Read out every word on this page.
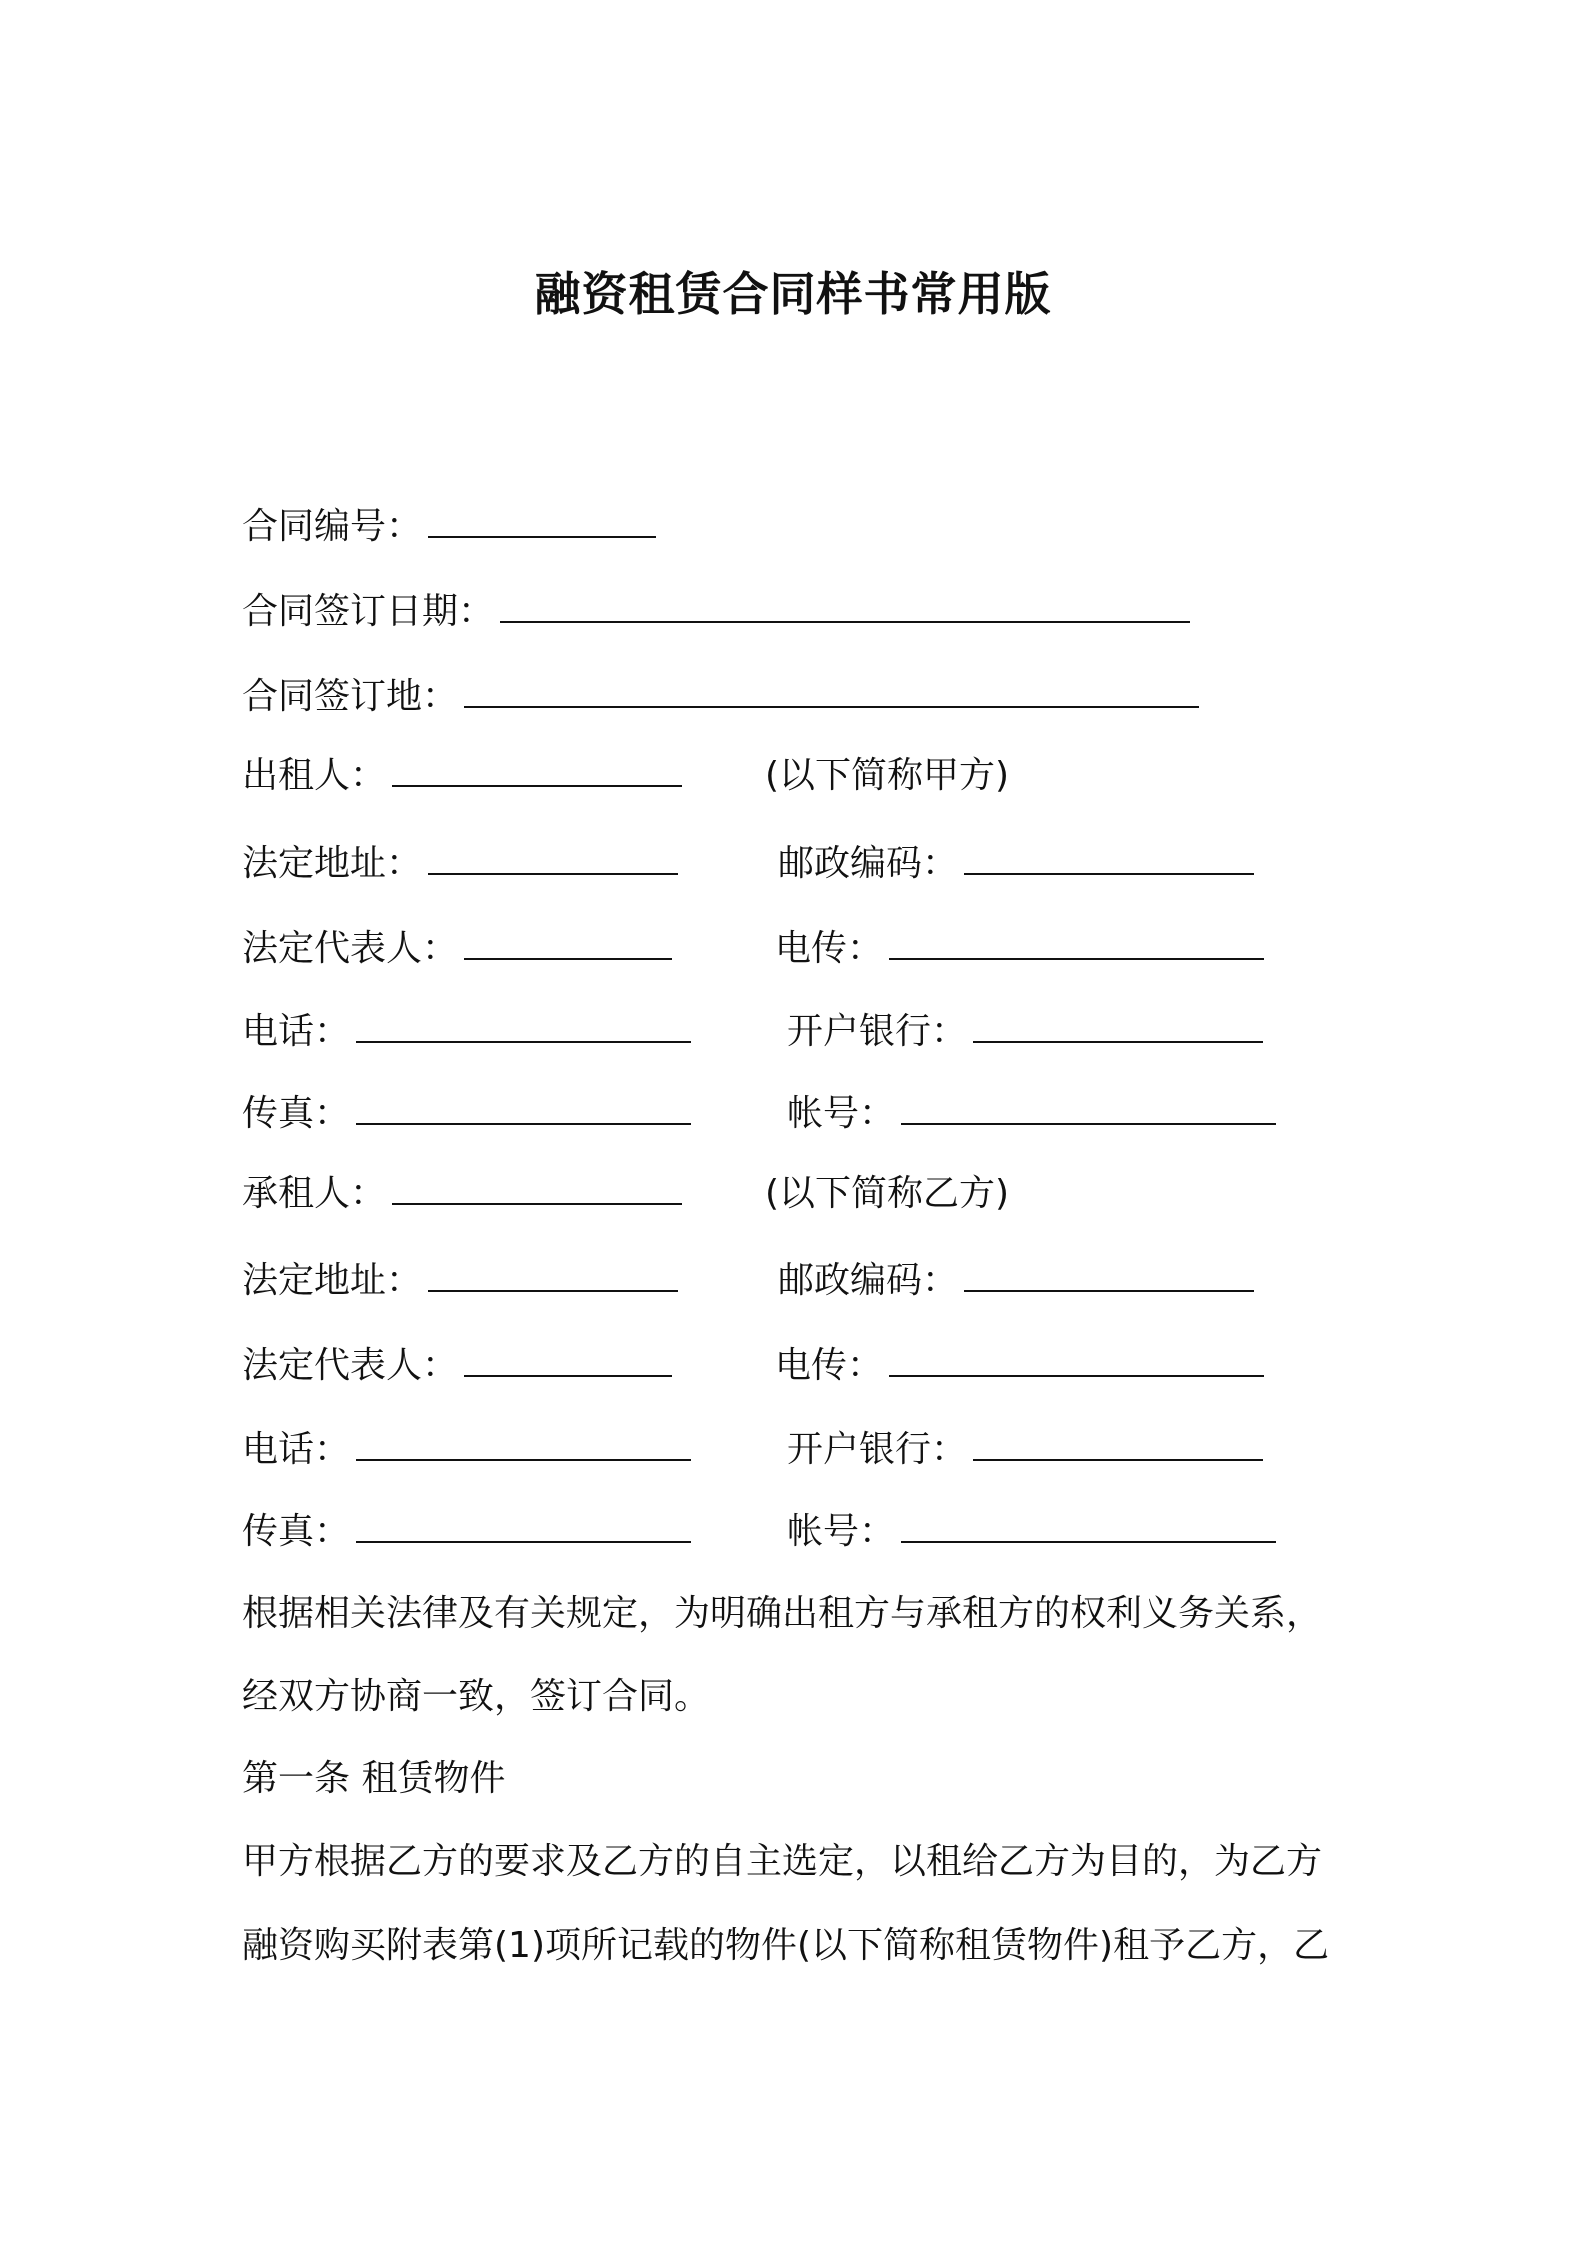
融资租赁合同样书常用版
合同编号：
合同签订日期：
合同签订地：
出租人：	(以下简称甲方)
法定地址：	邮政编码：
法定代表人：	电传：
电话：	开户银行：
传真：	帐号：
承租人：	(以下简称乙方)
法定地址：	邮政编码：
法定代表人：	电传：
电话：	开户银行：
传真：	帐号：
根据相关法律及有关规定，为明确出租方与承租方的权利义务关系，
经双方协商一致，签订合同。
第一条 租赁物件
甲方根据乙方的要求及乙方的自主选定，以租给乙方为目的，为乙方
融资购买附表第(1)项所记载的物件(以下简称租赁物件)租予乙方，乙
